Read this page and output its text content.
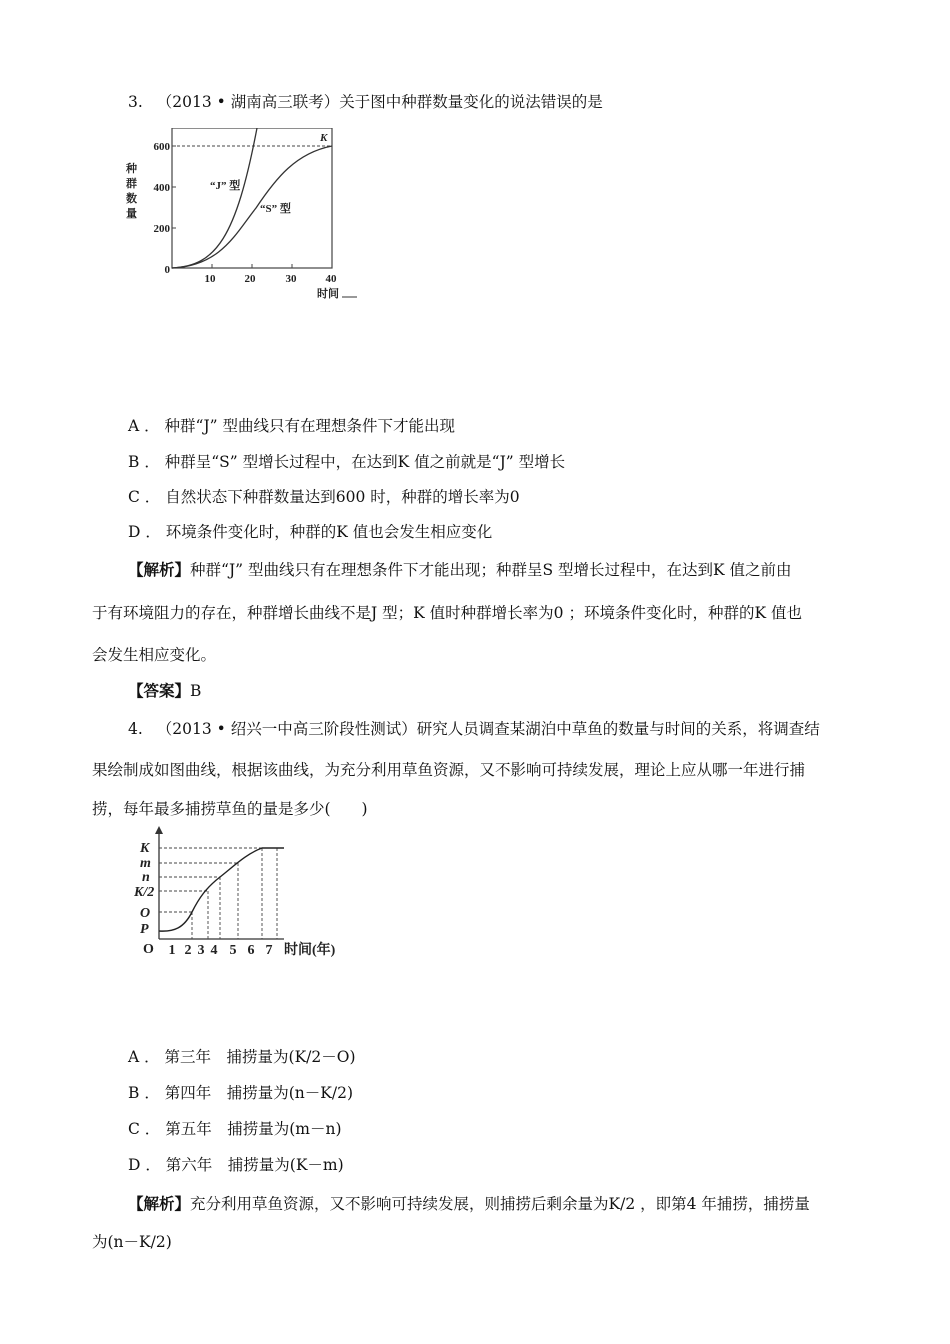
3. （2013 • 湖南高三联考）关于图中种群数量变化的说法错误的是
种
群
数
量
600
400
200
0
10	20	30	40
时间
K
“J” 型
“S” 型
A ． 种群“J” 型曲线只有在理想条件下才能出现
B ． 种群呈“S” 型增长过程中，在达到K 值之前就是“J” 型增长
C ． 自然状态下种群数量达到600 时，种群的增长率为0
D ． 环境条件变化时，种群的K 值也会发生相应变化
【解析】种群“J” 型曲线只有在理想条件下才能出现；种群呈S 型增长过程中，在达到K 值之前由
于有环境阻力的存在，种群增长曲线不是J 型；K 值时种群增长率为0 ；环境条件变化时，种群的K 值也
会发生相应变化。
【答案】B
4. （2013 • 绍兴一中高三阶段性测试）研究人员调查某湖泊中草鱼的数量与时间的关系，将调查结
果绘制成如图曲线，根据该曲线，为充分利用草鱼资源，又不影响可持续发展，理论上应从哪一年进行捕
捞，每年最多捕捞草鱼的量是多少(　　)
K
m
n
K/2
O
P
O 1 2 3 4 5 6 7 时间(年)
A ． 第三年　捕捞量为(K/2－O)
B ． 第四年　捕捞量为(n－K/2)
C ． 第五年　捕捞量为(m－n)
D ． 第六年　捕捞量为(K－m)
【解析】充分利用草鱼资源，又不影响可持续发展，则捕捞后剩余量为K/2 ，即第4 年捕捞，捕捞量
为(n－K/2)
